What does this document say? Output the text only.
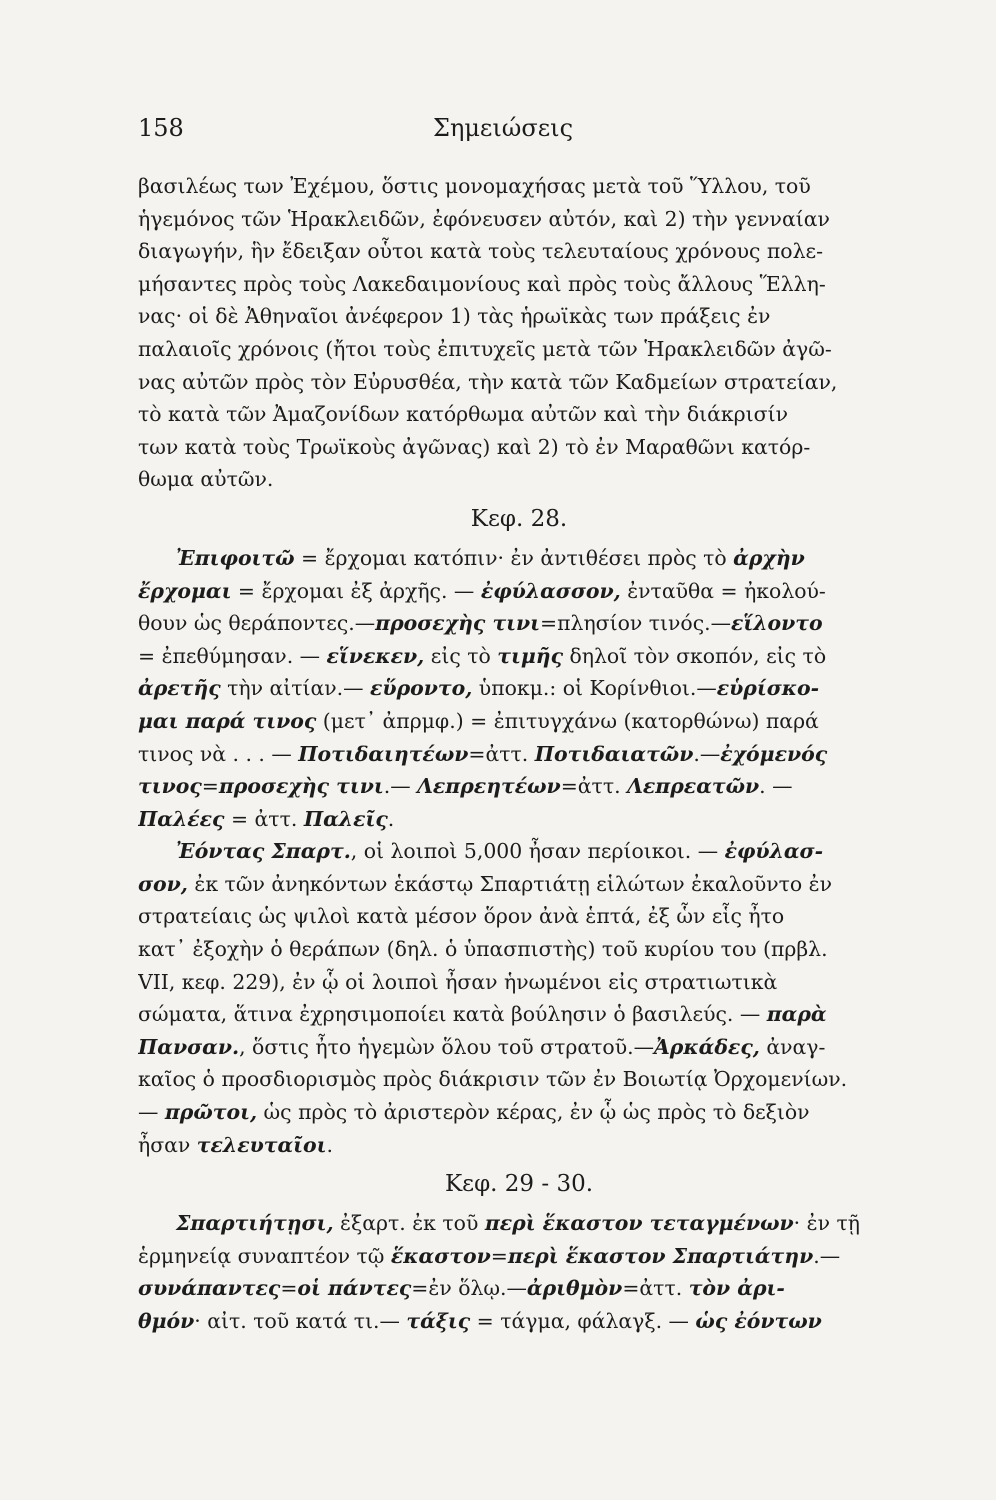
158	Σημειώσεις
βασιλέως των Ἐχέμου, ὅστις μονομαχήσας μετὰ τοῦ Ὕλλου, τοῦ
ἡγεμόνος τῶν Ἡρακλειδῶν, ἐφόνευσεν αὐτόν, καὶ 2) τὴν γενναίαν
διαγωγήν, ἣν ἔδειξαν οὗτοι κατὰ τοὺς τελευταίους χρόνους πολε-
μήσαντες πρὸς τοὺς Λακεδαιμονίους καὶ πρὸς τοὺς ἄλλους Ἕλλη-
νας· οἱ δὲ Ἀθηναῖοι ἀνέφερον 1) τὰς ἡρωϊκὰς των πράξεις ἐν
παλαιοῖς χρόνοις (ἤτοι τοὺς ἐπιτυχεῖς μετὰ τῶν Ἡρακλειδῶν ἀγῶ-
νας αὐτῶν πρὸς τὸν Εὐρυσθέα, τὴν κατὰ τῶν Καδμείων στρατείαν,
τὸ κατὰ τῶν Ἀμαζονίδων κατόρθωμα αὐτῶν καὶ τὴν διάκρισίν
των κατὰ τοὺς Τρωϊκοὺς ἀγῶνας) καὶ 2) τὸ ἐν Μαραθῶνι κατόρ-
θωμα αὐτῶν.
Κεφ. 28.
Ἐπιφοιτῶ = ἔρχομαι κατόπιν· ἐν ἀντιθέσει πρὸς τὸ ἀρχὴν
ἔρχομαι = ἔρχομαι ἐξ ἀρχῆς. — ἐφύλασσον, ἐνταῦθα = ἠκολού-
θουν ὡς θεράποντες.—προσεχὴς τινι=πλησίον τινός.—εἵλοντο
= ἐπεθύμησαν. — εἵνεκεν, εἰς τὸ τιμῆς δηλοῖ τὸν σκοπόν, εἰς τὸ
ἀρετῆς τὴν αἰτίαν.— εὕροντο, ὑποκμ.: οἱ Κορίνθιοι.—εὑρίσκο-
μαι παρά τινος (μετ᾽ ἀπρμφ.) = ἐπιτυγχάνω (κατορθώνω) παρά
τινος νὰ . . . — Ποτιδαιητέων=ἀττ. Ποτιδαιατῶν.—ἐχόμενός
τινος=προσεχὴς τινι.— Λεπρεητέων=ἀττ. Λεπρεατῶν. —
Παλέες = ἀττ. Παλεῖς.
Ἐόντας Σπαρτ., οἱ λοιποὶ 5,000 ἦσαν περίοικοι. — ἐφύλασ-
σον, ἐκ τῶν ἀνηκόντων ἑκάστῳ Σπαρτιάτῃ εἱλώτων ἐκαλοῦντο ἐν
στρατείαις ὡς ψιλοὶ κατὰ μέσον ὅρον ἀνὰ ἑπτά, ἐξ ὧν εἷς ἦτο
κατ᾽ ἐξοχὴν ὁ θεράπων (δηλ. ὁ ὑπασπιστὴς) τοῦ κυρίου του (πρβλ.
VII, κεφ. 229), ἐν ᾧ οἱ λοιποὶ ἦσαν ἡνωμένοι εἰς στρατιωτικὰ
σώματα, ἅτινα ἐχρησιμοποίει κατὰ βούλησιν ὁ βασιλεύς. — παρὰ
Πανσαν., ὅστις ἦτο ἡγεμὼν ὅλου τοῦ στρατοῦ.—Ἀρκάδες, ἀναγ-
καῖος ὁ προσδιορισμὸς πρὸς διάκρισιν τῶν ἐν Βοιωτίᾳ Ὀρχομενίων.
— πρῶτοι, ὡς πρὸς τὸ ἀριστερὸν κέρας, ἐν ᾧ ὡς πρὸς τὸ δεξιὸν
ἦσαν τελευταῖοι.
Κεφ. 29 - 30.
Σπαρτιήτῃσι, ἐξαρτ. ἐκ τοῦ περὶ ἕκαστον τεταγμένων· ἐν τῇ
ἑρμηνείᾳ συναπτέον τῷ ἕκαστον=περὶ ἕκαστον Σπαρτιάτην.—
συνάπαντες=οἱ πάντες=ἐν ὅλῳ.—ἀριθμὸν=ἀττ. τὸν ἀρι-
θμόν· αἰτ. τοῦ κατά τι.— τάξις = τάγμα, φάλαγξ. — ὡς ἐόντων
